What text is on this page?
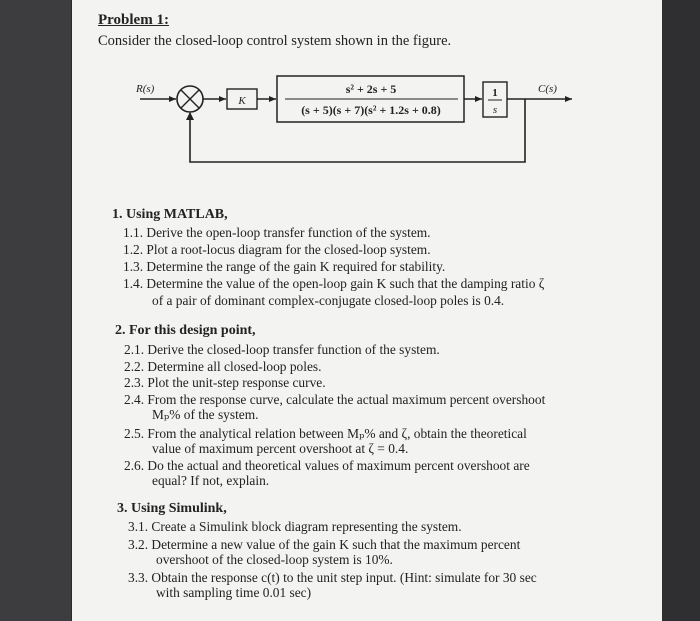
Problem 1:
Consider the closed-loop control system shown in the figure.
R(s)	C(s)
K
s² + 2s + 5
(s + 5)(s + 7)(s² + 1.2s + 0.8)
1
s
1. Using MATLAB,
1.1. Derive the open-loop transfer function of the system.
1.2. Plot a root-locus diagram for the closed-loop system.
1.3. Determine the range of the gain K required for stability.
1.4. Determine the value of the open-loop gain K such that the damping ratio ζ
of a pair of dominant complex-conjugate closed-loop poles is 0.4.
2. For this design point,
2.1. Derive the closed-loop transfer function of the system.
2.2. Determine all closed-loop poles.
2.3. Plot the unit-step response curve.
2.4. From the response curve, calculate the actual maximum percent overshoot
Mₚ% of the system.
2.5. From the analytical relation between Mₚ% and ζ, obtain the theoretical
value of maximum percent overshoot at ζ = 0.4.
2.6. Do the actual and theoretical values of maximum percent overshoot are
equal? If not, explain.
3. Using Simulink,
3.1. Create a Simulink block diagram representing the system.
3.2. Determine a new value of the gain K such that the maximum percent
overshoot of the closed-loop system is 10%.
3.3. Obtain the response c(t) to the unit step input. (Hint: simulate for 30 sec
with sampling time 0.01 sec)
